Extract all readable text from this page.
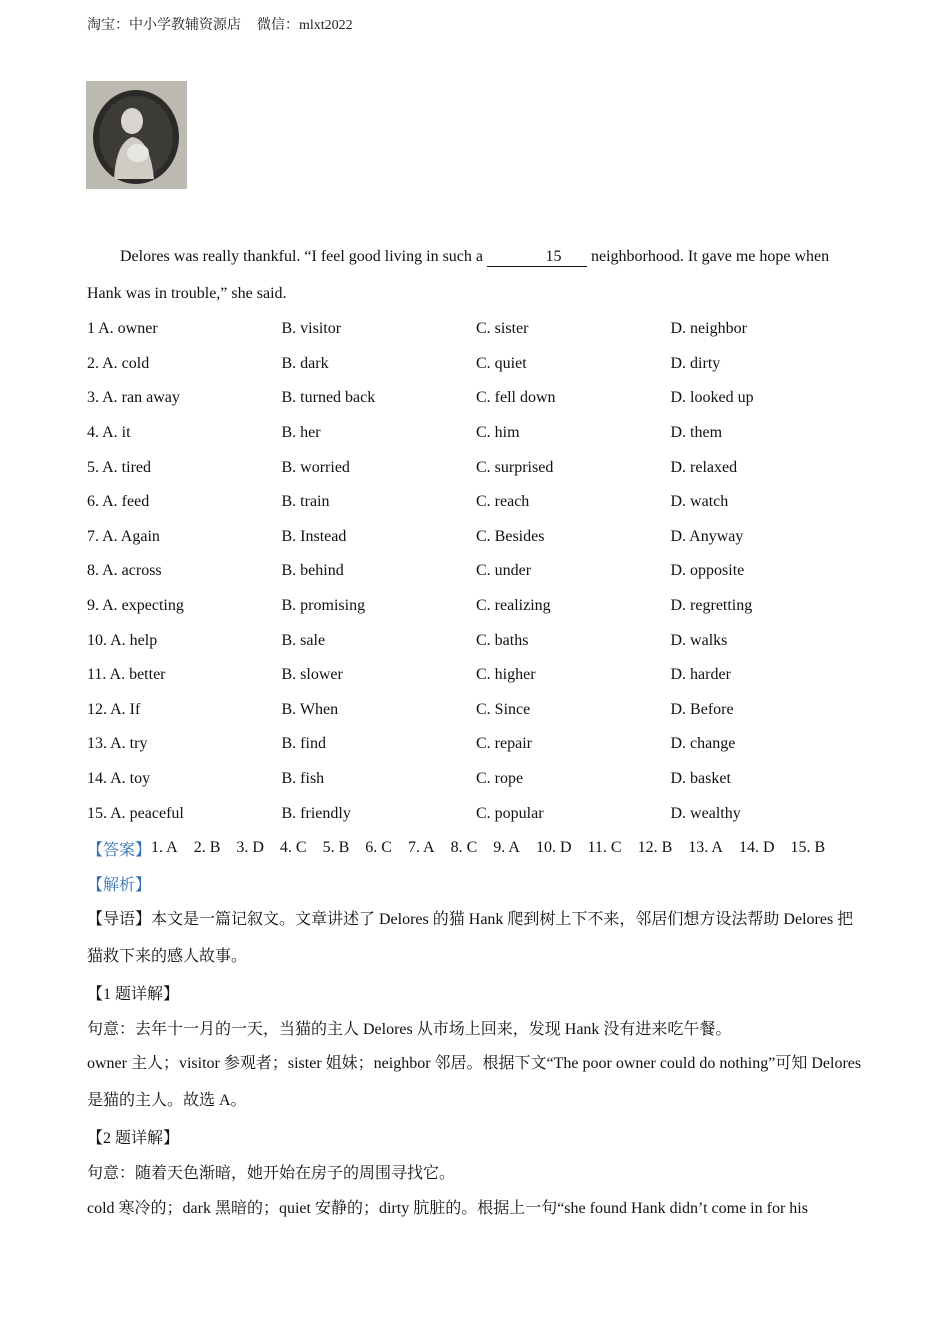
淘宝：中小学教辅资源店 微信：mlxt2022
Delores was really thankful. “I feel good living in such a	15 neighborhood. It gave me hope when Hank was in trouble,” she said.
1 A. owner	B. visitor	C. sister	D. neighbor
2. A. cold	B. dark	C. quiet	D. dirty
3. A. ran away	B. turned back	C. fell down	D. looked up
4. A. it	B. her	C. him	D. them
5. A. tired	B. worried	C. surprised	D. relaxed
6. A. feed	B. train	C. reach	D. watch
7. A. Again	B. Instead	C. Besides	D. Anyway
8. A. across	B. behind	C. under	D. opposite
9. A. expecting	B. promising	C. realizing	D. regretting
10. A. help	B. sale	C. baths	D. walks
11. A. better	B. slower	C. higher	D. harder
12. A. If	B. When	C. Since	D. Before
13. A. try	B. find	C. repair	D. change
14. A. toy	B. fish	C. rope	D. basket
15. A. peaceful	B. friendly	C. popular	D. wealthy
【答案】 1. A 2. B 3. D 4. C 5. B 6. C 7. A 8. C 9. A 10. D 11. C 12. B 13. A 14. D 15. B
【解析】
【导语】本文是一篇记叙文。文章讲述了 Delores 的猫 Hank 爬到树上下不来，邻居们想方设法帮助 Delores 把猫救下来的感人故事。
【1 题详解】
句意：去年十一月的一天，当猫的主人 Delores 从市场上回来，发现 Hank 没有进来吃午餐。
owner 主人；visitor 参观者；sister 姐妹；neighbor 邻居。根据下文“The poor owner could do nothing”可知 Delores 是猫的主人。故选 A。
【2 题详解】
句意：随着天色渐暗，她开始在房子的周围寻找它。
cold 寒冷的；dark 黑暗的；quiet 安静的；dirty 肮脏的。根据上一句“she found Hank didn’t come in for his
